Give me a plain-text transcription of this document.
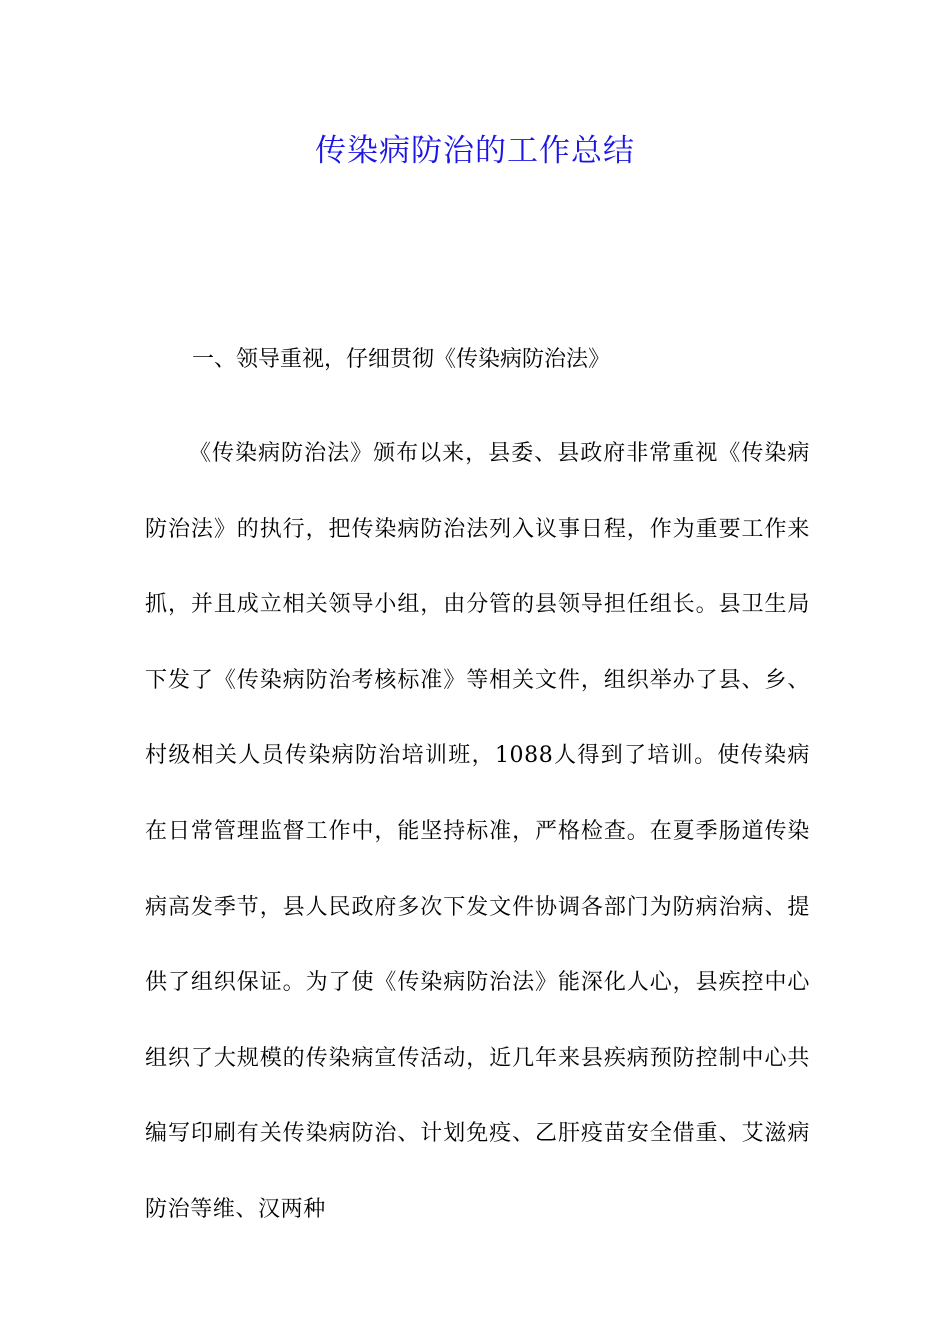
传染病防治的工作总结
一、领导重视，仔细贯彻《传染病防治法》

《传染病防治法》颁布以来，县委、县政府非常重视《传染病防治法》的执行，把传染病防治法列入议事日程，作为重要工作来抓，并且成立相关领导小组，由分管的县领导担任组长。县卫生局下发了《传染病防治考核标准》等相关文件，组织举办了县、乡、村级相关人员传染病防治培训班，1088人得到了培训。使传染病在日常管理监督工作中，能坚持标准，严格检查。在夏季肠道传染病高发季节，县人民政府多次下发文件协调各部门为防病治病、提供了组织保证。为了使《传染病防治法》能深化人心，县疾控中心组织了大规模的传染病宣传活动，近几年来县疾病预防控制中心共编写印刷有关传染病防治、计划免疫、乙肝疫苗安全借重、艾滋病防治等维、汉两种
